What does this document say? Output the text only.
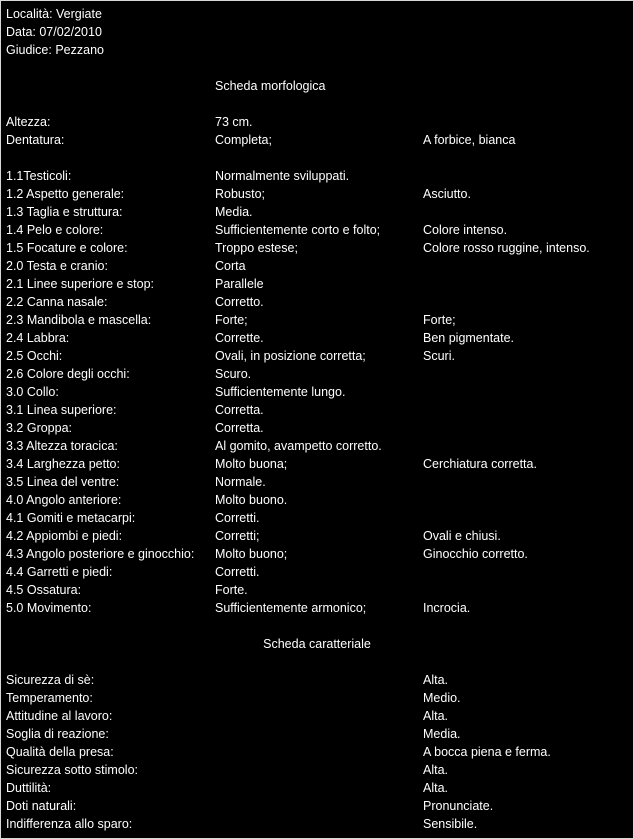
Località: Vergiate
Data: 07/02/2010
Giudice: Pezzano
Scheda morfologica
Altezza:	73 cm.
Dentatura:	Completa;	A forbice, bianca
1.1Testicoli:	Normalmente sviluppati.
1.2 Aspetto generale:	Robusto;	Asciutto.
1.3 Taglia e struttura:	Media.
1.4 Pelo e colore:	Sufficientemente corto e folto;	Colore intenso.
1.5 Focature e colore:	Troppo estese;	Colore rosso ruggine, intenso.
2.0 Testa e cranio:	Corta
2.1 Linee superiore e stop:	Parallele
2.2 Canna nasale:	Corretto.
2.3 Mandibola e mascella:	Forte;	Forte;
2.4 Labbra:	Corrette.	Ben pigmentate.
2.5 Occhi:	Ovali, in posizione corretta;	Scuri.
2.6 Colore degli occhi:	Scuro.
3.0 Collo:	Sufficientemente lungo.
3.1 Linea superiore:	Corretta.
3.2 Groppa:	Corretta.
3.3 Altezza toracica:	Al gomito, avampetto corretto.
3.4 Larghezza petto:	Molto buona;	Cerchiatura corretta.
3.5 Linea del ventre:	Normale.
4.0 Angolo anteriore:	Molto buono.
4.1 Gomiti e metacarpi:	Corretti.
4.2 Appiombi e piedi:	Corretti;	Ovali e chiusi.
4.3 Angolo posteriore e ginocchio: Molto buono;	Ginocchio corretto.
4.4 Garretti e piedi:	Corretti.
4.5 Ossatura:	Forte.
5.0 Movimento:	Sufficientemente armonico;	Incrocia.
Scheda caratteriale
Sicurezza di sè:	Alta.
Temperamento:	Medio.
Attitudine al lavoro:	Alta.
Soglia di reazione:	Media.
Qualità della presa:	A bocca piena e ferma.
Sicurezza sotto stimolo:	Alta.
Duttilità:	Alta.
Doti naturali:	Pronunciate.
Indifferenza allo sparo:	Sensibile.
